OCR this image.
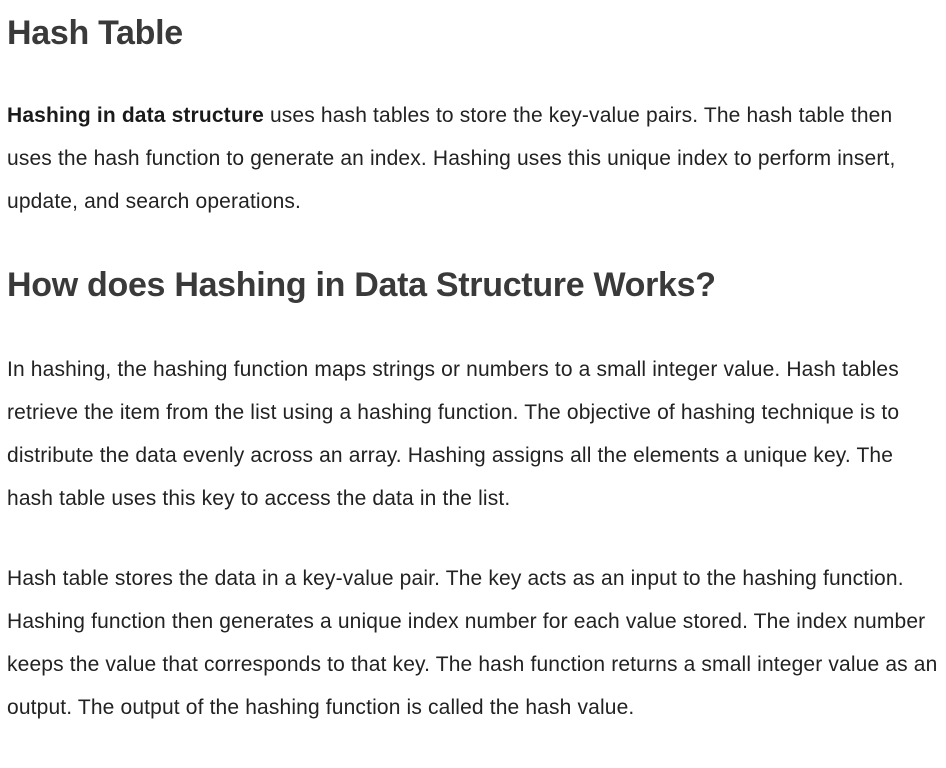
Hash Table

Hashing in data structure uses hash tables to store the key-value pairs. The hash table then uses the hash function to generate an index. Hashing uses this unique index to perform insert, update, and search operations.

How does Hashing in Data Structure Works?

In hashing, the hashing function maps strings or numbers to a small integer value. Hash tables retrieve the item from the list using a hashing function. The objective of hashing technique is to distribute the data evenly across an array. Hashing assigns all the elements a unique key. The hash table uses this key to access the data in the list.

Hash table stores the data in a key-value pair. The key acts as an input to the hashing function. Hashing function then generates a unique index number for each value stored. The index number keeps the value that corresponds to that key. The hash function returns a small integer value as an output. The output of the hashing function is called the hash value.
